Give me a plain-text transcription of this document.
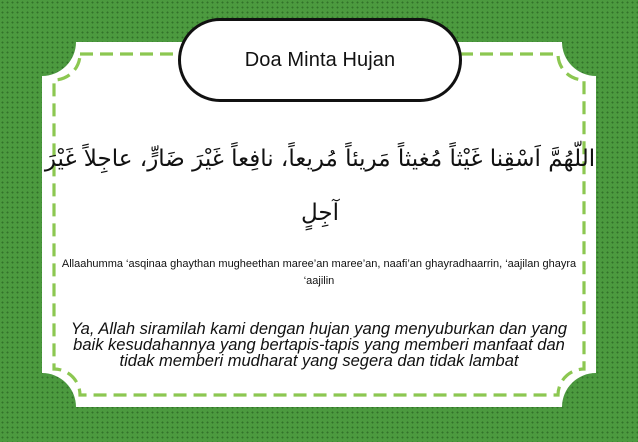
Doa Minta Hujan
اللّهُمَّ اَسْقِنا غَيْثاً مُغيثاً مَريئاً مُريعاً، نافِعاً غَيْرَ ضَارٍّ، عاجِلاً غَيْرَ آجِلٍ
Allaahumma ‘asqinaa ghaythan mugheethan maree’an maree’an, naafi’an ghayradhaarrin, ‘aajilan ghayra ‘aajilin
Ya, Allah siramilah kami dengan hujan yang menyuburkan dan yang baik kesudahannya yang bertapis-tapis yang memberi manfaat dan tidak memberi mudharat yang segera dan tidak lambat
